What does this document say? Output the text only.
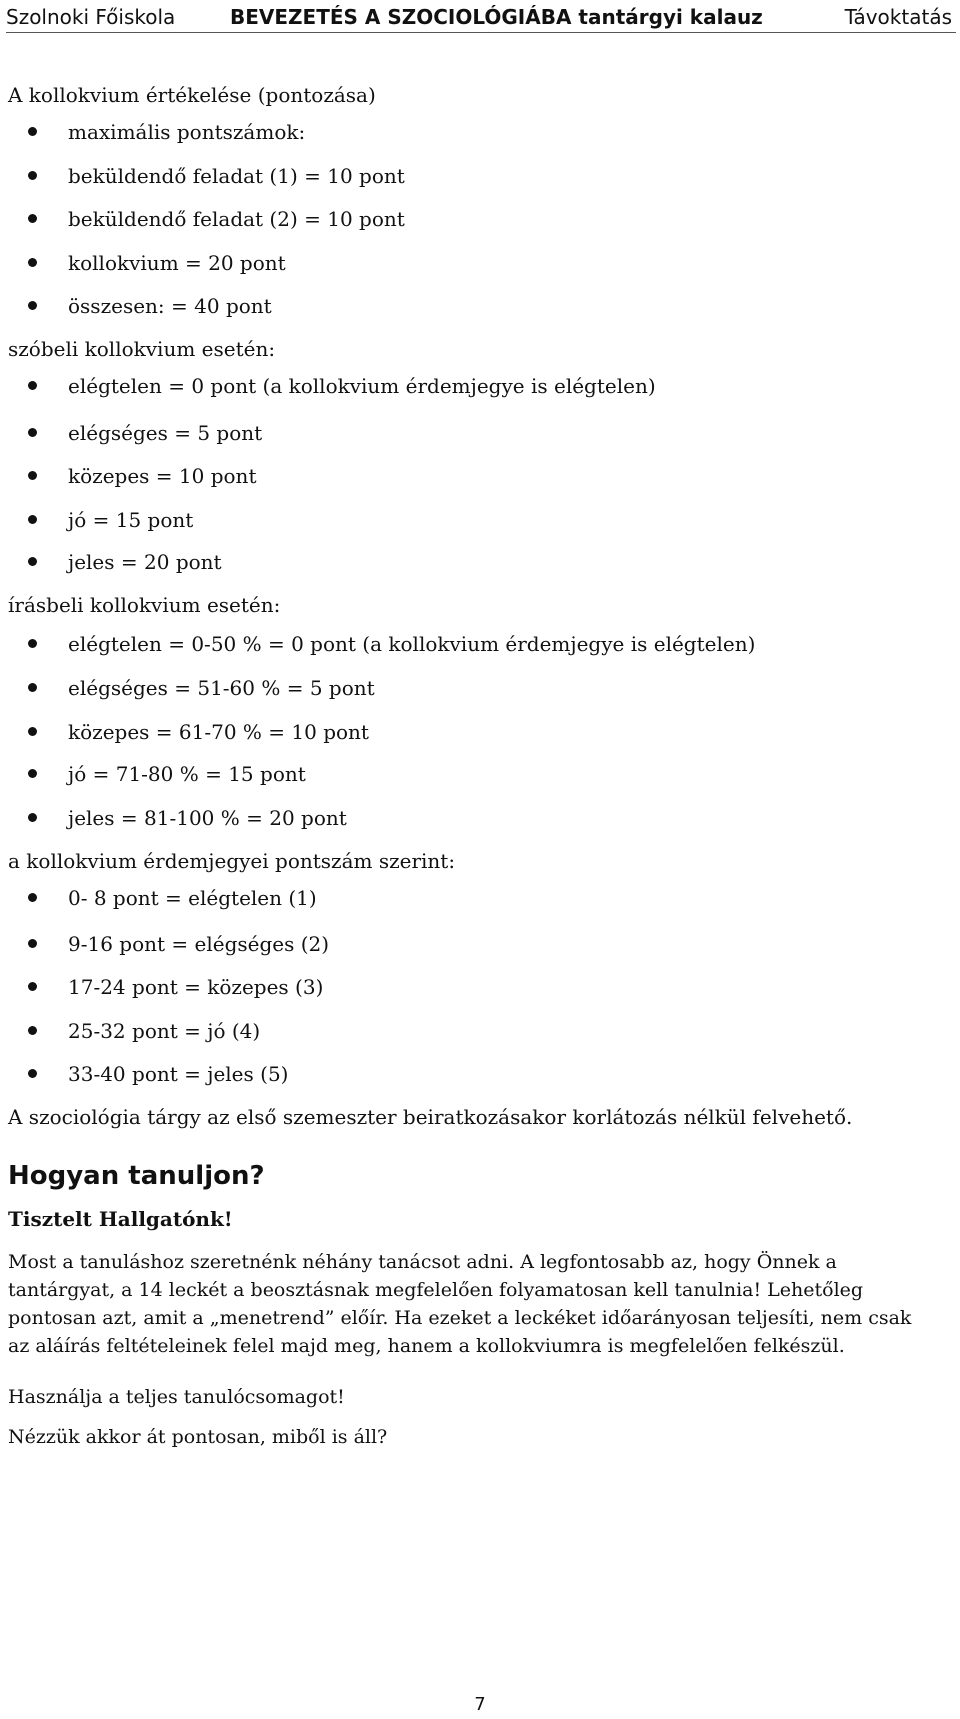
Szolnoki Főiskola	BEVEZETÉS A SZOCIOLÓGIÁBA tantárgyi kalauz	Távoktatás
A kollokvium értékelése (pontozása)
maximális pontszámok:
beküldendő feladat (1) = 10 pont
beküldendő feladat (2) = 10 pont
kollokvium = 20 pont
összesen: = 40 pont
szóbeli kollokvium esetén:
elégtelen = 0 pont (a kollokvium érdemjegye is elégtelen)
elégséges = 5 pont
közepes = 10 pont
jó = 15 pont
jeles = 20 pont
írásbeli kollokvium esetén:
elégtelen = 0-50 % = 0 pont (a kollokvium érdemjegye is elégtelen)
elégséges = 51-60 % = 5 pont
közepes = 61-70 % = 10 pont
jó = 71-80 % = 15 pont
jeles = 81-100 % = 20 pont
a kollokvium érdemjegyei pontszám szerint:
0- 8 pont = elégtelen (1)
9-16 pont = elégséges (2)
17-24 pont = közepes (3)
25-32 pont = jó (4)
33-40 pont = jeles (5)
A szociológia tárgy az első szemeszter beiratkozásakor korlátozás nélkül felvehető.
Hogyan tanuljon?
Tisztelt Hallgatónk!
Most a tanuláshoz szeretnénk néhány tanácsot adni. A legfontosabb az, hogy Önnek a tantárgyat, a 14 leckét a beosztásnak megfelelően folyamatosan kell tanulnia! Lehetőleg pontosan azt, amit a „menetrend” előír. Ha ezeket a leckéket időarányosan teljesíti, nem csak az aláírás feltételeinek felel majd meg, hanem a kollokviumra is megfelelően felkészül.
Használja a teljes tanulócsomagot!
Nézzük akkor át pontosan, miből is áll?
7
